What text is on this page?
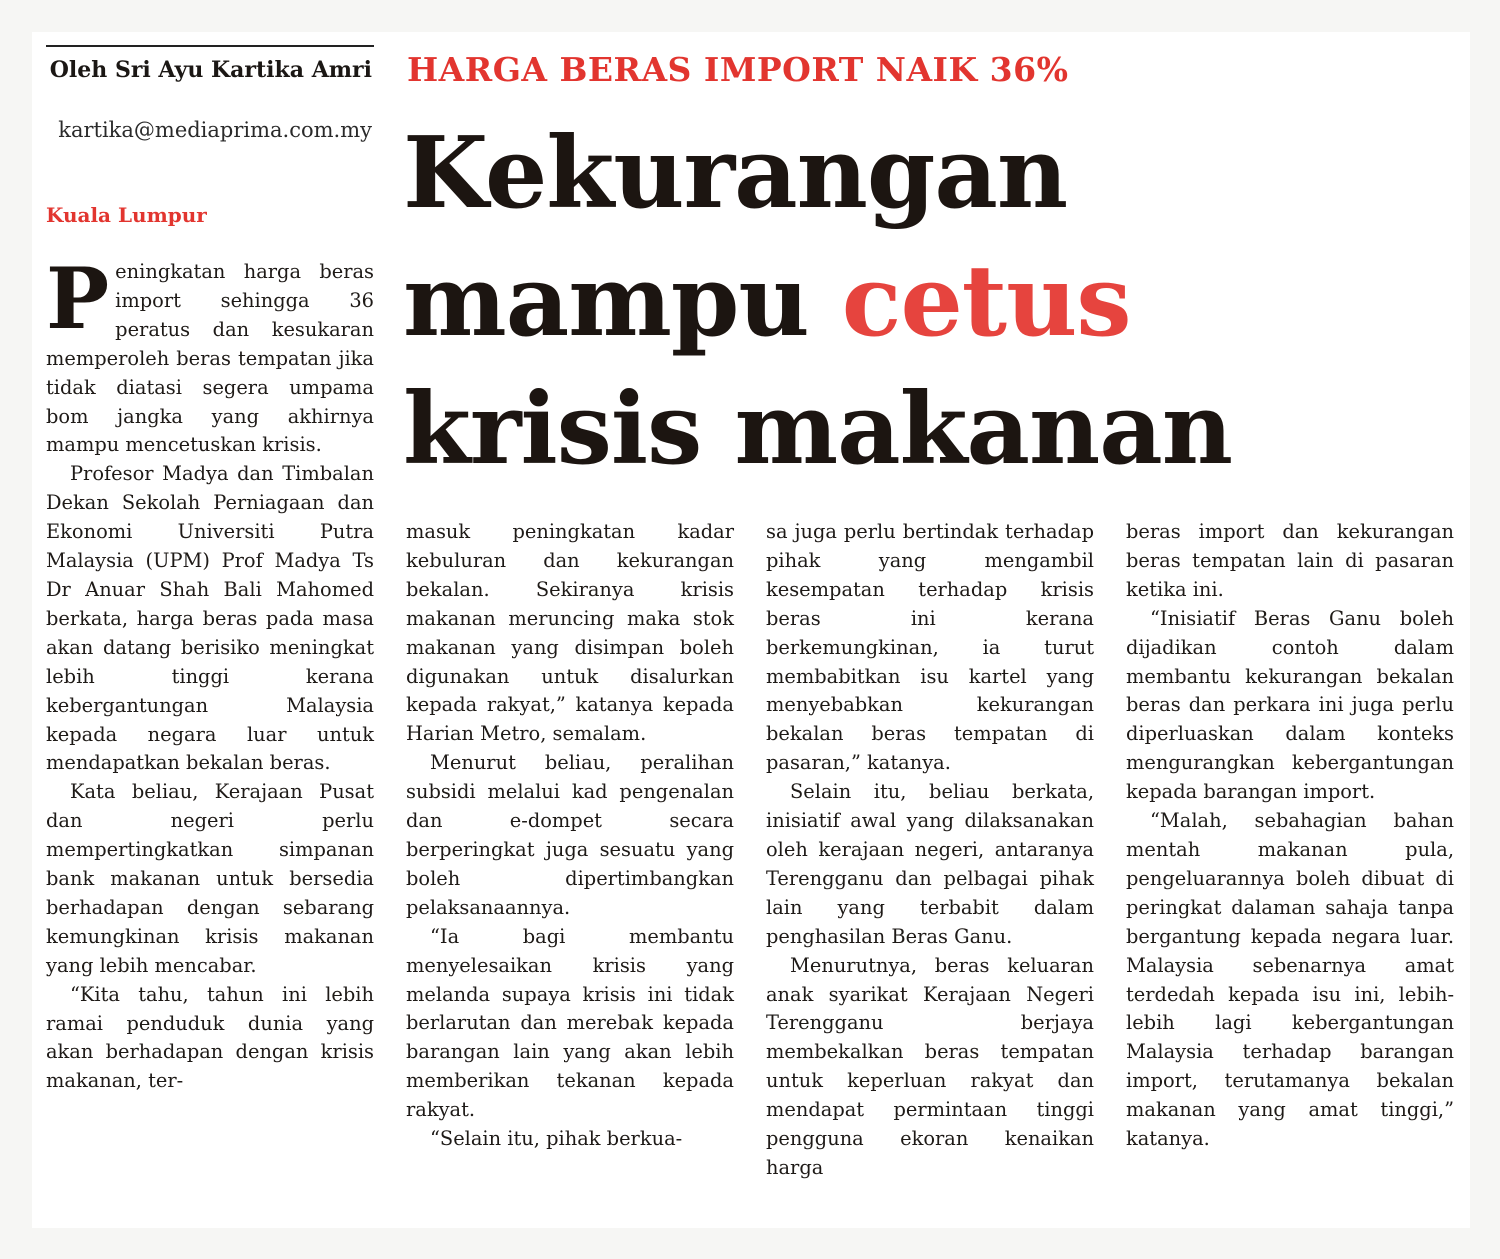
Oleh Sri Ayu Kartika Amri
kartika@mediaprima.com.my
Kuala Lumpur
HARGA BERAS IMPORT NAIK 36%
Kekurangan
mampu cetus
krisis makanan

Peningkatan harga beras import sehingga 36 peratus dan kesukaran memperoleh beras tempatan jika tidak diatasi segera umpama bom jangka yang akhirnya mampu mencetuskan krisis.

Profesor Madya dan Timbalan Dekan Sekolah Perniagaan dan Ekonomi Universiti Putra Malaysia (UPM) Prof Madya Ts Dr Anuar Shah Bali Mahomed berkata, harga beras pada masa akan datang berisiko meningkat lebih tinggi kerana kebergantungan Malaysia kepada negara luar untuk mendapatkan bekalan beras.

Kata beliau, Kerajaan Pusat dan negeri perlu mempertingkatkan simpanan bank makanan untuk bersedia berhadapan dengan sebarang kemungkinan krisis makanan yang lebih mencabar.

“Kita tahu, tahun ini lebih ramai penduduk dunia yang akan berhadapan dengan krisis makanan, ter-

masuk peningkatan kadar kebuluran dan kekurangan bekalan. Sekiranya krisis makanan meruncing maka stok makanan yang disimpan boleh digunakan untuk disalurkan kepada rakyat,” katanya kepada Harian Metro, semalam.

Menurut beliau, peralihan subsidi melalui kad pengenalan dan e-dompet secara berperingkat juga sesuatu yang boleh dipertimbangkan pelaksanaannya.

“Ia bagi membantu menyelesaikan krisis yang melanda supaya krisis ini tidak berlarutan dan merebak kepada barangan lain yang akan lebih memberikan tekanan kepada rakyat.

“Selain itu, pihak berkua-

sa juga perlu bertindak terhadap pihak yang mengambil kesempatan terhadap krisis beras ini kerana berkemungkinan, ia turut membabitkan isu kartel yang menyebabkan kekurangan bekalan beras tempatan di pasaran,” katanya.

Selain itu, beliau berkata, inisiatif awal yang dilaksanakan oleh kerajaan negeri, antaranya Terengganu dan pelbagai pihak lain yang terbabit dalam penghasilan Beras Ganu.

Menurutnya, beras keluaran anak syarikat Kerajaan Negeri Terengganu berjaya membekalkan beras tempatan untuk keperluan rakyat dan mendapat permintaan tinggi pengguna ekoran kenaikan harga

beras import dan kekurangan beras tempatan lain di pasaran ketika ini.

“Inisiatif Beras Ganu boleh dijadikan contoh dalam membantu kekurangan bekalan beras dan perkara ini juga perlu diperluaskan dalam konteks mengurangkan kebergantungan kepada barangan import.

“Malah, sebahagian bahan mentah makanan pula, pengeluarannya boleh dibuat di peringkat dalaman sahaja tanpa bergantung kepada negara luar. Malaysia sebenarnya amat terdedah kepada isu ini, lebih-lebih lagi kebergantungan Malaysia terhadap barangan import, terutamanya bekalan makanan yang amat tinggi,” katanya.
